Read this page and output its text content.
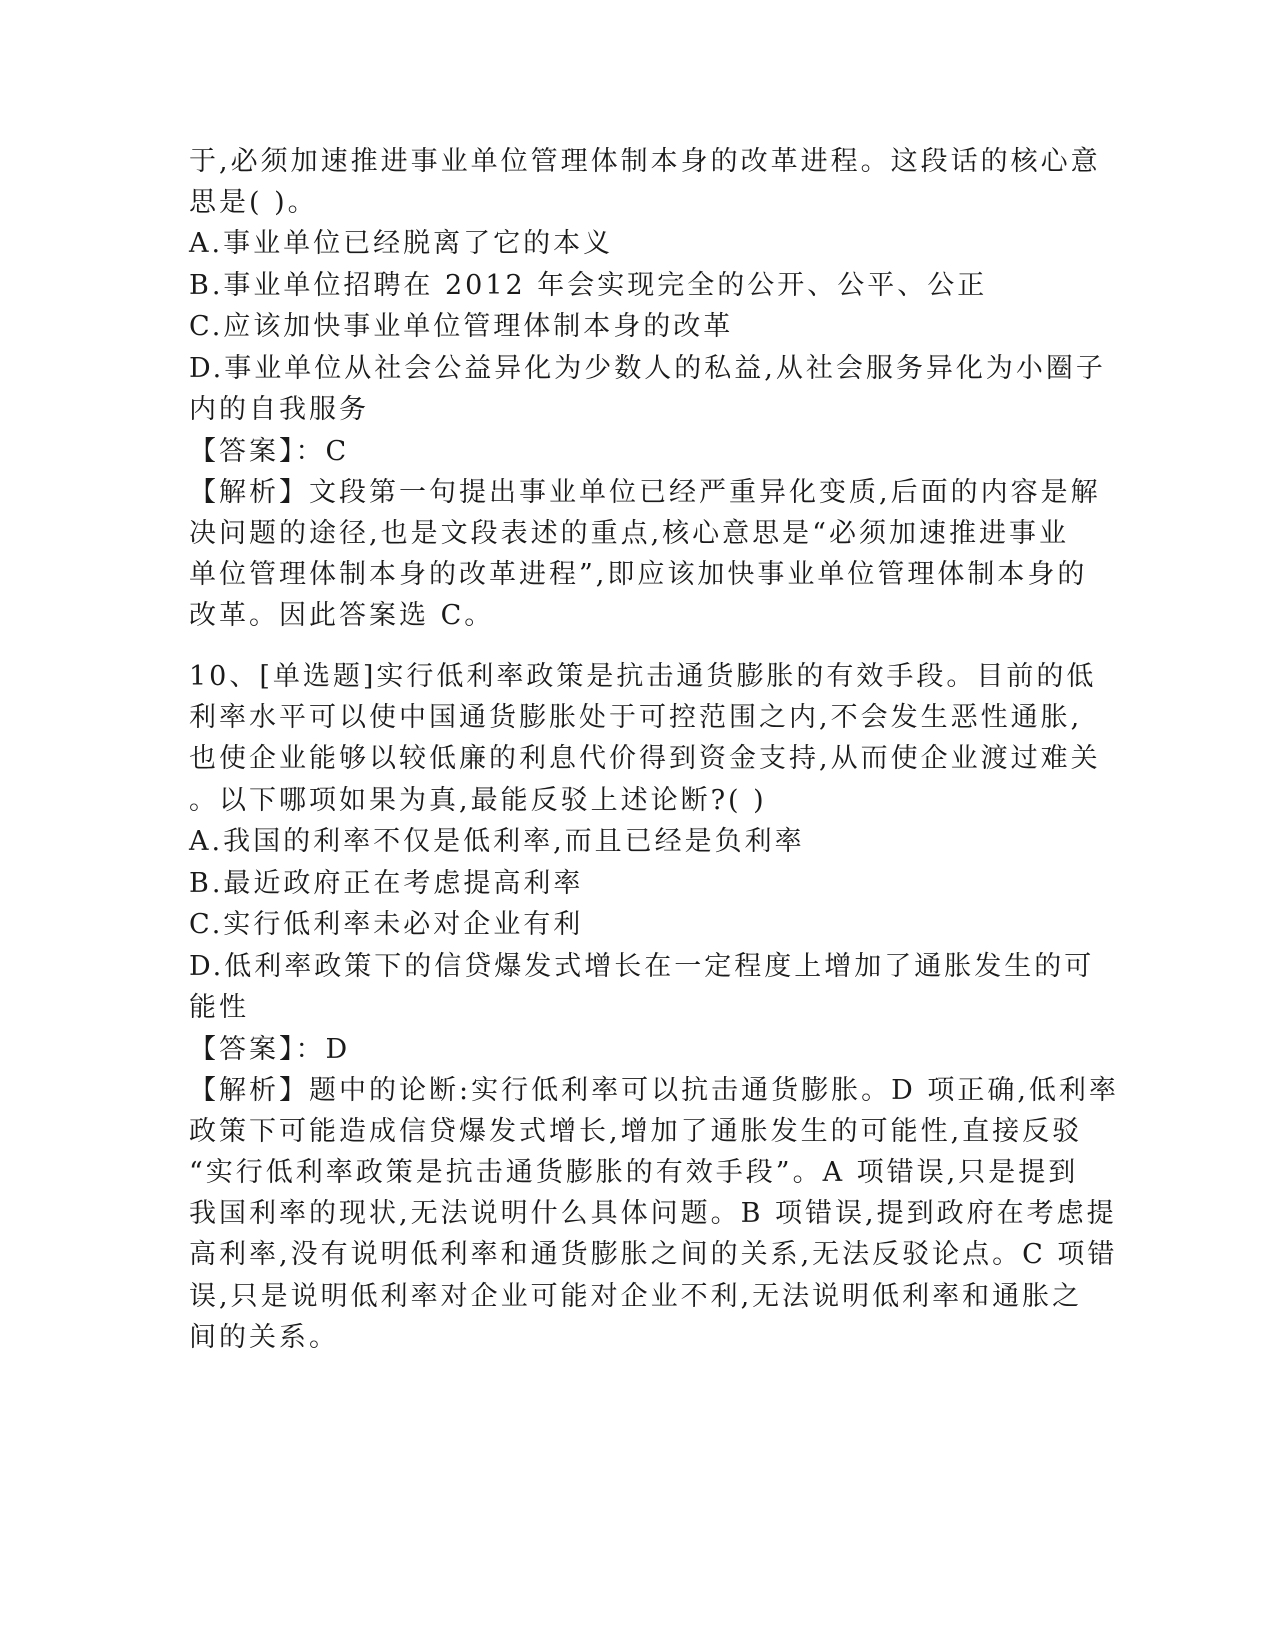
于,必须加速推进事业单位管理体制本身的改革进程。这段话的核心意
思是( )。
A.事业单位已经脱离了它的本义
B.事业单位招聘在 2012 年会实现完全的公开、公平、公正
C.应该加快事业单位管理体制本身的改革
D.事业单位从社会公益异化为少数人的私益,从社会服务异化为小圈子
内的自我服务
【答案】：C
【解析】文段第一句提出事业单位已经严重异化变质,后面的内容是解
决问题的途径,也是文段表述的重点,核心意思是“必须加速推进事业
单位管理体制本身的改革进程”,即应该加快事业单位管理体制本身的
改革。因此答案选 C。
10、[单选题]实行低利率政策是抗击通货膨胀的有效手段。目前的低
利率水平可以使中国通货膨胀处于可控范围之内,不会发生恶性通胀,
也使企业能够以较低廉的利息代价得到资金支持,从而使企业渡过难关
。以下哪项如果为真,最能反驳上述论断?( )
A.我国的利率不仅是低利率,而且已经是负利率
B.最近政府正在考虑提高利率
C.实行低利率未必对企业有利
D.低利率政策下的信贷爆发式增长在一定程度上增加了通胀发生的可
能性
【答案】：D
【解析】题中的论断:实行低利率可以抗击通货膨胀。D 项正确,低利率
政策下可能造成信贷爆发式增长,增加了通胀发生的可能性,直接反驳
“实行低利率政策是抗击通货膨胀的有效手段”。A 项错误,只是提到
我国利率的现状,无法说明什么具体问题。B 项错误,提到政府在考虑提
高利率,没有说明低利率和通货膨胀之间的关系,无法反驳论点。C 项错
误,只是说明低利率对企业可能对企业不利,无法说明低利率和通胀之
间的关系。
